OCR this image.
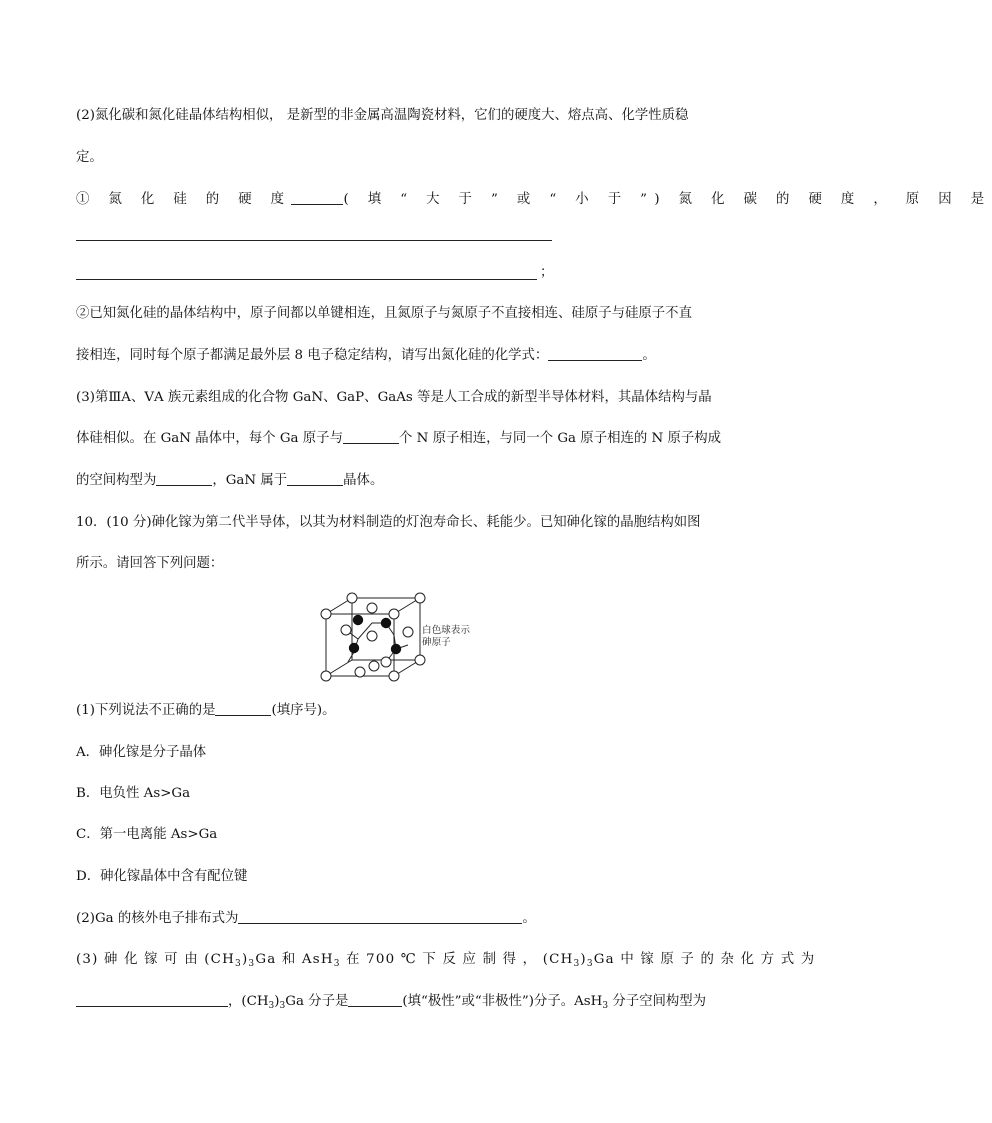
(2)氮化碳和氮化硅晶体结构相似， 是新型的非金属高温陶瓷材料，它们的硬度大、熔点高、化学性质稳
定。
① 氮 化 硅 的 硬 度	( 填 “ 大 于 ” 或 “ 小 于 ”) 氮 化 碳 的 硬 度 ， 原 因 是
；
②已知氮化硅的晶体结构中，原子间都以单键相连，且氮原子与氮原子不直接相连、硅原子与硅原子不直
接相连，同时每个原子都满足最外层 8 电子稳定结构，请写出氮化硅的化学式：	。
(3)第ⅢA、ⅤA 族元素组成的化合物 GaN、GaP、GaAs 等是人工合成的新型半导体材料，其晶体结构与晶
体硅相似。在 GaN 晶体中，每个 Ga 原子与	个 N 原子相连，与同一个 Ga 原子相连的 N 原子构成
的空间构型为	，GaN 属于	晶体。
10．(10 分)砷化镓为第二代半导体，以其为材料制造的灯泡寿命长、耗能少。已知砷化镓的晶胞结构如图
所示。请回答下列问题：
白色球表示
砷原子
(1)下列说法不正确的是	(填序号)。
A．砷化镓是分子晶体
B．电负性 As>Ga
C．第一电离能 As>Ga
D．砷化镓晶体中含有配位键
(2)Ga 的核外电子排布式为	。
(3) 砷 化 镓 可 由 $(CH_3)_3Ga$ 和 AsH$_3$ 在 700 ℃ 下 反 应 制 得 ， $(CH_3)_3Ga$ 中 镓 原 子 的 杂 化 方 式 为
，$(CH_3)_3Ga$ 分子是	(填“极性”或“非极性”)分子。AsH$_3$ 分子空间构型为
